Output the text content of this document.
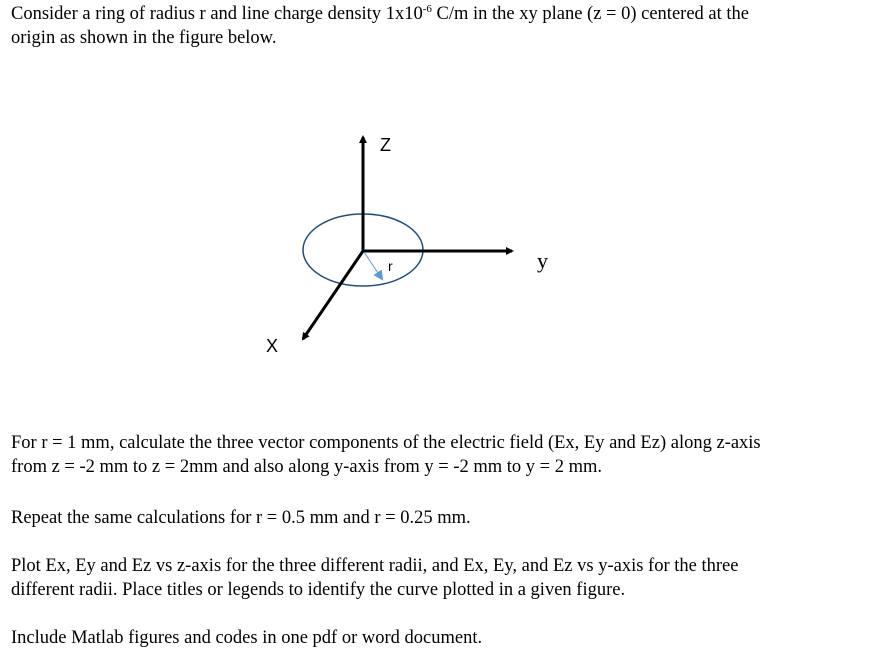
Consider a ring of radius r and line charge density $1x10^{-6}$ C/m in the xy plane (z = 0) centered at the
origin as shown in the figure below.
Z
y
X
r
For r = 1 mm, calculate the three vector components of the electric field (Ex, Ey and Ez) along z-axis
from z = -2 mm to z = 2mm and also along y-axis from y = -2 mm to y = 2 mm.
Repeat the same calculations for r = 0.5 mm and r = 0.25 mm.
Plot Ex, Ey and Ez vs z-axis for the three different radii, and Ex, Ey, and Ez vs y-axis for the three
different radii. Place titles or legends to identify the curve plotted in a given figure.
Include Matlab figures and codes in one pdf or word document.
